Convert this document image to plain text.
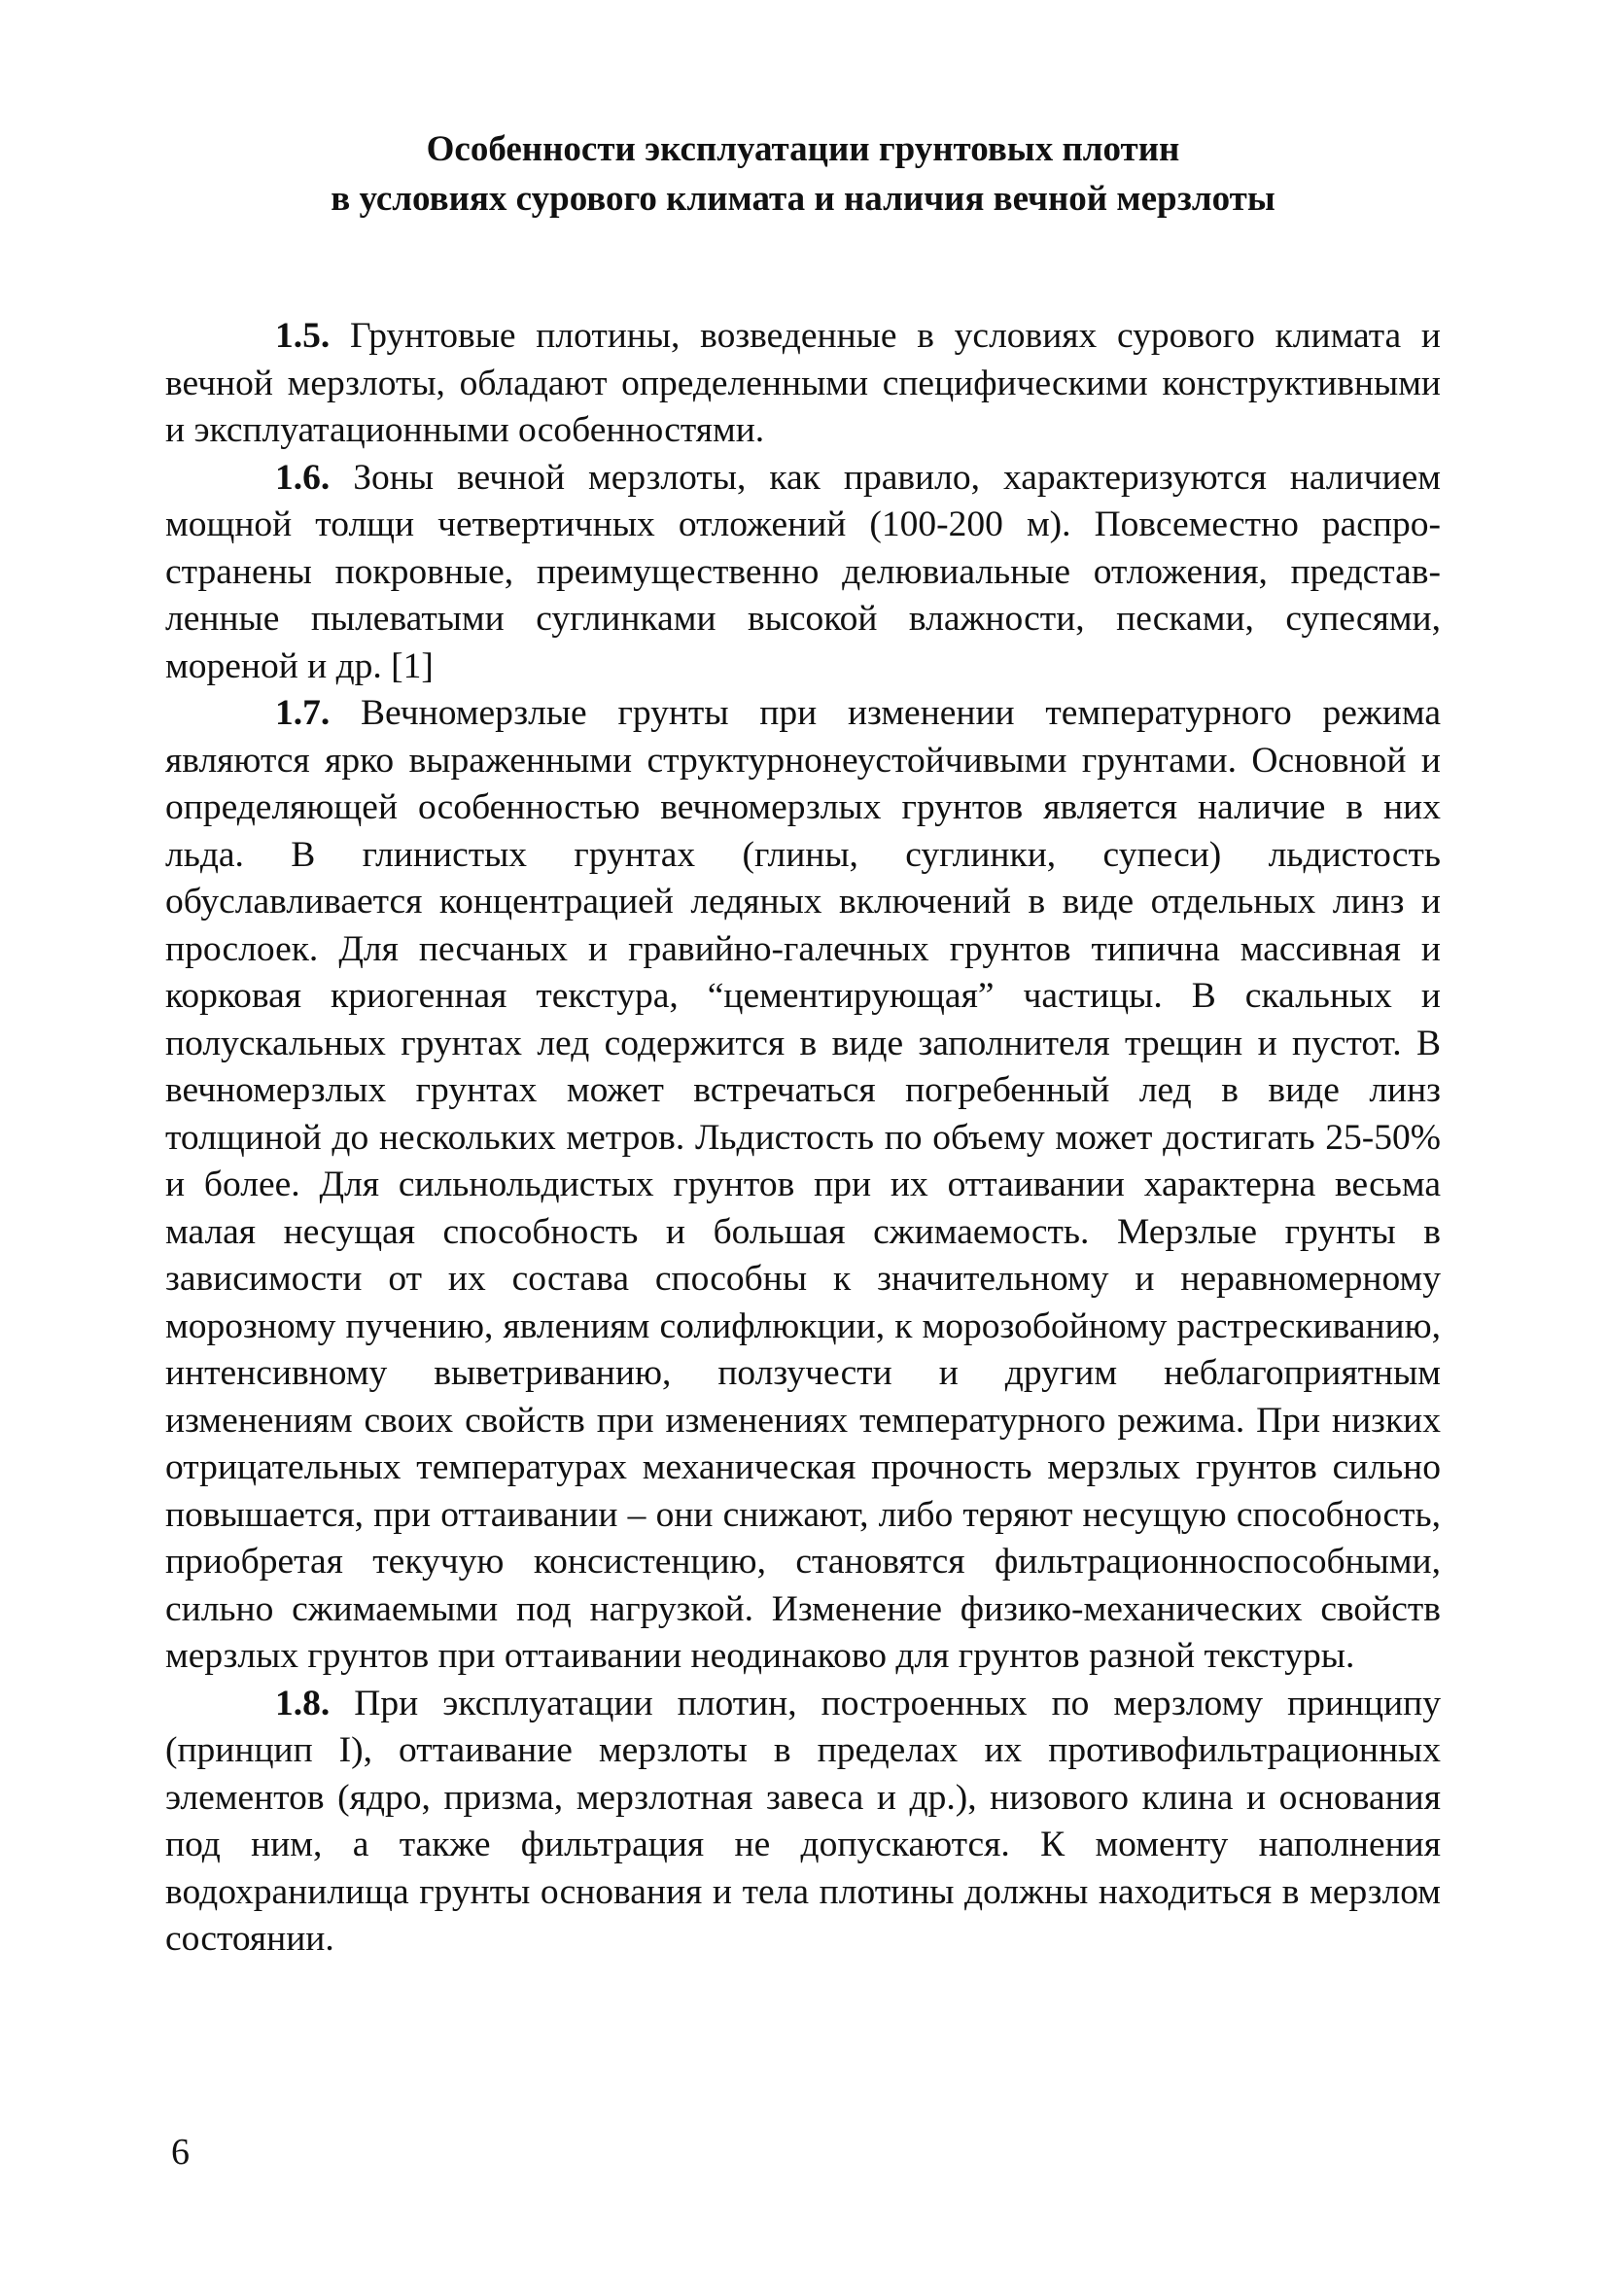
Особенности эксплуатации грунтовых плотин
в условиях сурового климата и наличия вечной мерзлоты

1.5. Грунтовые плотины, возведенные в условиях сурового климата и вечной мерзлоты, обладают определенными специфическими конструктивными и эксплуатационными особенностями.

1.6. Зоны вечной мерзлоты, как правило, характеризуются наличием мощной толщи четвертичных отложений (100-200 м). Повсеместно распространены покровные, преимущественно делювиальные отложения, представленные пылеватыми суглинками высокой влажности, песками, супесями, мореной и др. [1]

1.7. Вечномерзлые грунты при изменении температурного режима являются ярко выраженными структурнонеустойчивыми грунтами. Основной и определяющей особенностью вечномерзлых грунтов является наличие в них льда. В глинистых грунтах (глины, суглинки, супеси) льдистость обуславливается концентрацией ледяных включений в виде отдельных линз и прослоек. Для песчаных и гравийно-галечных грунтов типична массивная и корковая криогенная текстура, “цементирующая” частицы. В скальных и полускальных грунтах лед содержится в виде заполнителя трещин и пустот. В вечномерзлых грунтах может встречаться погребенный лед в виде линз толщиной до нескольких метров. Льдистость по объему может достигать 25-50% и более. Для сильнольдистых грунтов при их оттаивании характерна весьма малая несущая способность и большая сжимаемость. Мерзлые грунты в зависимости от их состава способны к значительному и неравномерному морозному пучению, явлениям солифлюкции, к морозобойному растрескиванию, интенсивному выветриванию, ползучести и другим неблагоприятным изменениям своих свойств при изменениях температурного режима. При низких отрицательных температурах механическая прочность мерзлых грунтов сильно повышается, при оттаивании – они снижают, либо теряют несущую способность, приобретая текучую консистенцию, становятся фильтрационноспособными, сильно сжимаемыми под нагрузкой. Изменение физико-механических свойств мерзлых грунтов при оттаивании неодинаково для грунтов разной текстуры.

1.8. При эксплуатации плотин, построенных по мерзлому принципу (принцип I), оттаивание мерзлоты в пределах их противофильтрационных элементов (ядро, призма, мерзлотная завеса и др.), низового клина и основания под ним, а также фильтрация не допускаются. К моменту наполнения водохранилища грунты основания и тела плотины должны находиться в мерзлом состоянии.

6
